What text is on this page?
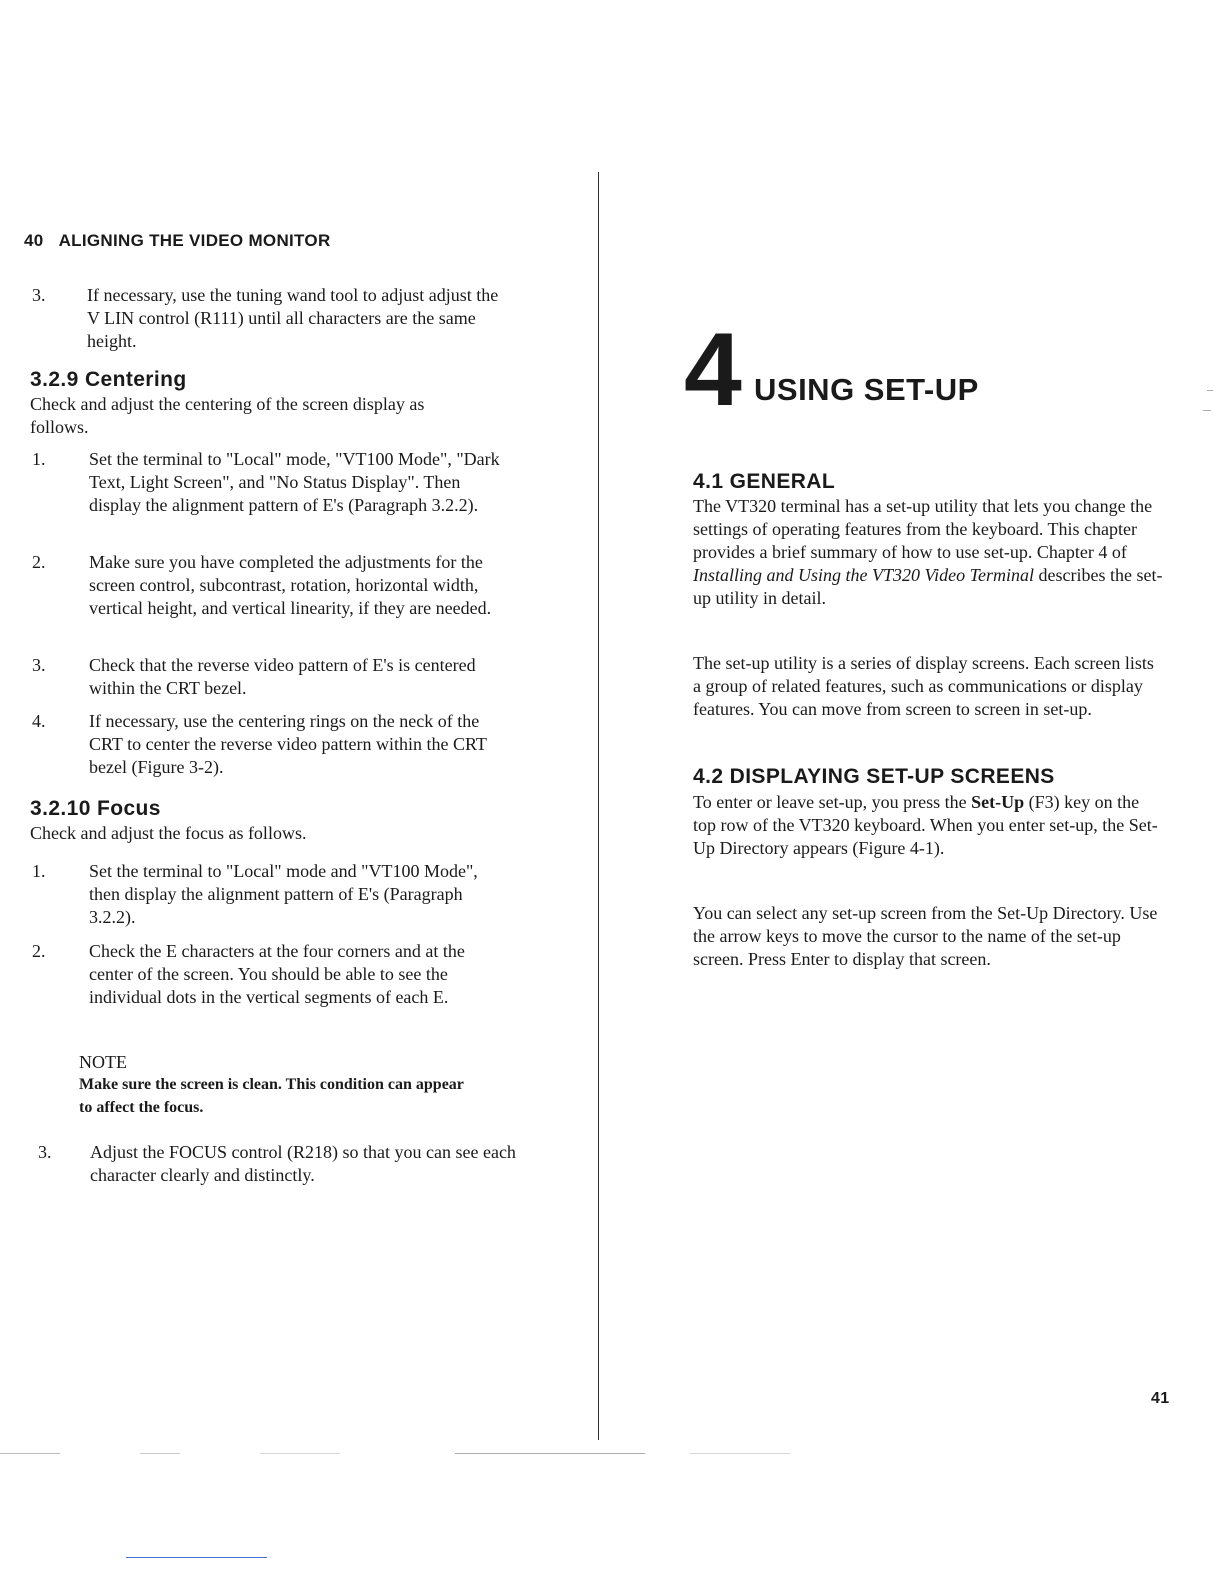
40 ALIGNING THE VIDEO MONITOR
3.	If necessary, use the tuning wand tool to adjust adjust the V LIN control (R111) until all characters are the same height.
3.2.9 Centering
Check and adjust the centering of the screen display as follows.
1.	Set the terminal to "Local" mode, "VT100 Mode", "Dark Text, Light Screen", and "No Status Display". Then display the alignment pattern of E's (Paragraph 3.2.2).
2.	Make sure you have completed the adjustments for the screen control, subcontrast, rotation, horizontal width, vertical height, and vertical linearity, if they are needed.
3.	Check that the reverse video pattern of E's is centered within the CRT bezel.
4.	If necessary, use the centering rings on the neck of the CRT to center the reverse video pattern within the CRT bezel (Figure 3-2).
3.2.10 Focus
Check and adjust the focus as follows.
1.	Set the terminal to "Local" mode and "VT100 Mode", then display the alignment pattern of E's (Paragraph 3.2.2).
2.	Check the E characters at the four corners and at the center of the screen. You should be able to see the individual dots in the vertical segments of each E.
NOTE
Make sure the screen is clean. This condition can appear to affect the focus.
3.	Adjust the FOCUS control (R218) so that you can see each character clearly and distinctly.
4 USING SET-UP
4.1 GENERAL
The VT320 terminal has a set-up utility that lets you change the settings of operating features from the keyboard. This chapter provides a brief summary of how to use set-up. Chapter 4 of Installing and Using the VT320 Video Terminal describes the set-up utility in detail.
The set-up utility is a series of display screens. Each screen lists a group of related features, such as communications or display features. You can move from screen to screen in set-up.
4.2 DISPLAYING SET-UP SCREENS
To enter or leave set-up, you press the Set-Up (F3) key on the top row of the VT320 keyboard. When you enter set-up, the Set-Up Directory appears (Figure 4-1).
You can select any set-up screen from the Set-Up Directory. Use the arrow keys to move the cursor to the name of the set-up screen. Press Enter to display that screen.
41
